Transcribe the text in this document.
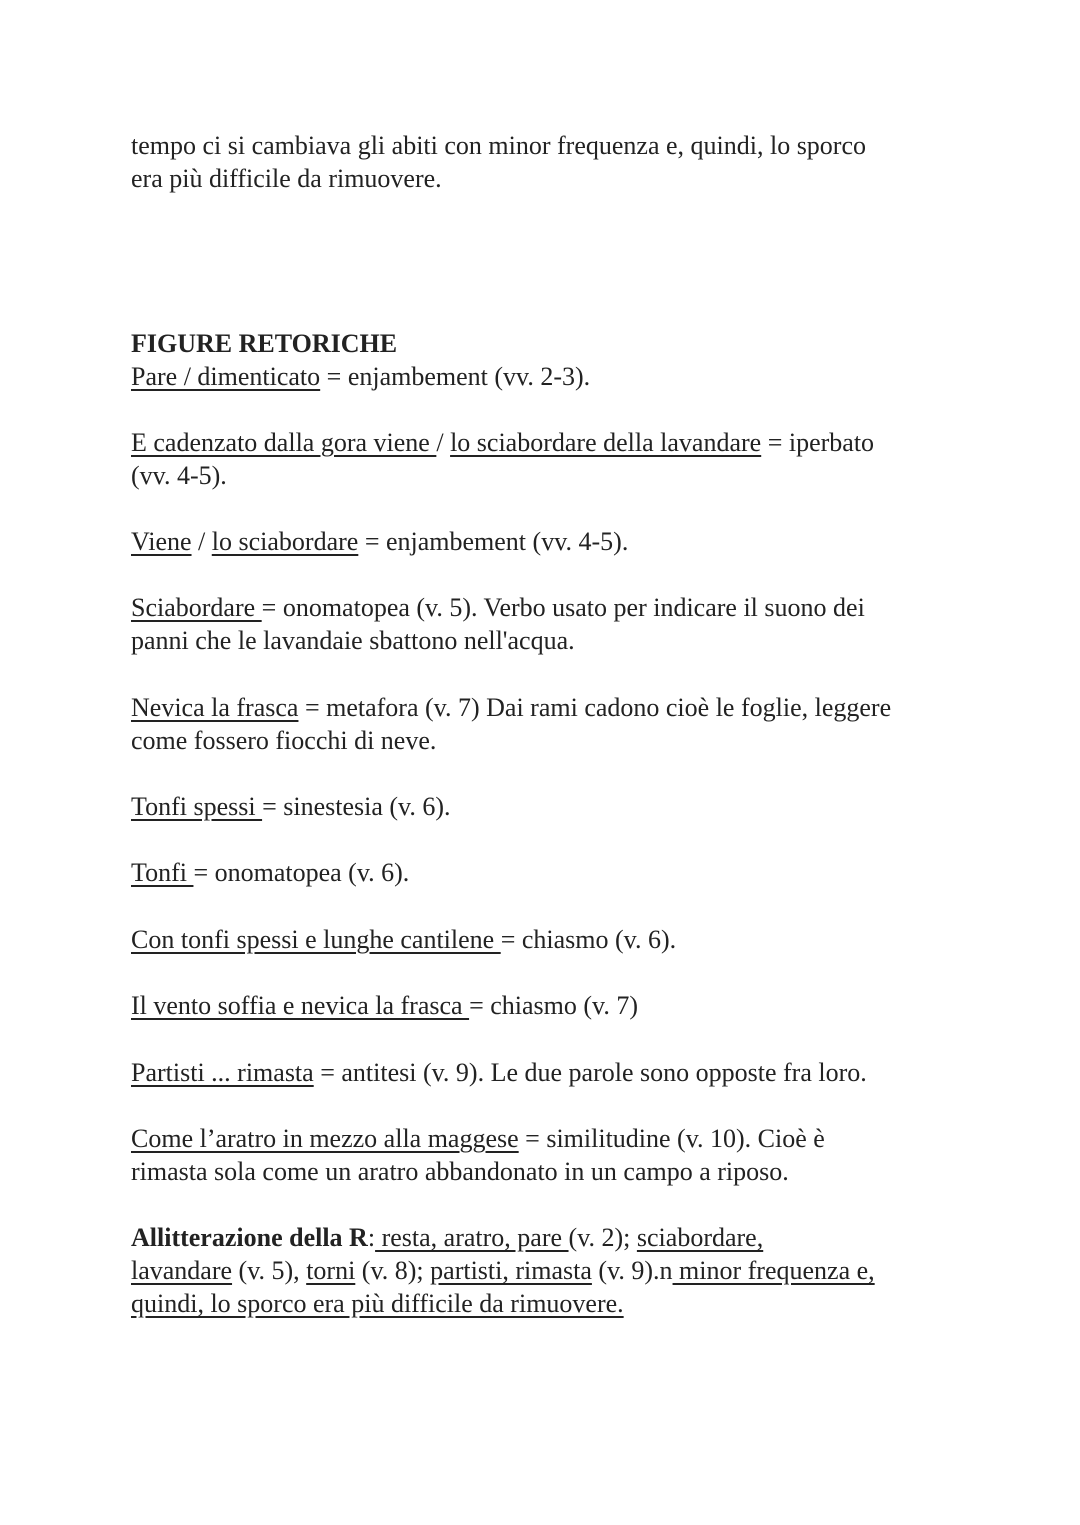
tempo ci si cambiava gli abiti con minor frequenza e, quindi, lo sporco
era più difficile da rimuovere.

FIGURE RETORICHE

Pare / dimenticato = enjambement (vv. 2-3).

E cadenzato dalla gora viene / lo sciabordare della lavandare = iperbato
(vv. 4-5).

Viene / lo sciabordare = enjambement (vv. 4-5).

Sciabordare = onomatopea (v. 5). Verbo usato per indicare il suono dei
panni che le lavandaie sbattono nell'acqua.

Nevica la frasca = metafora (v. 7) Dai rami cadono cioè le foglie, leggere
come fossero fiocchi di neve.

Tonfi spessi = sinestesia (v. 6).

Tonfi = onomatopea (v. 6).

Con tonfi spessi e lunghe cantilene = chiasmo (v. 6).

Il vento soffia e nevica la frasca = chiasmo (v. 7)

Partisti ... rimasta = antitesi (v. 9). Le due parole sono opposte fra loro.

Come l’aratro in mezzo alla maggese = similitudine (v. 10). Cioè è
rimasta sola come un aratro abbandonato in un campo a riposo.

Allitterazione della R: resta, aratro, pare (v. 2); sciabordare,
lavandare (v. 5), torni (v. 8); partisti, rimasta (v. 9).n minor frequenza e,
quindi, lo sporco era più difficile da rimuovere.
